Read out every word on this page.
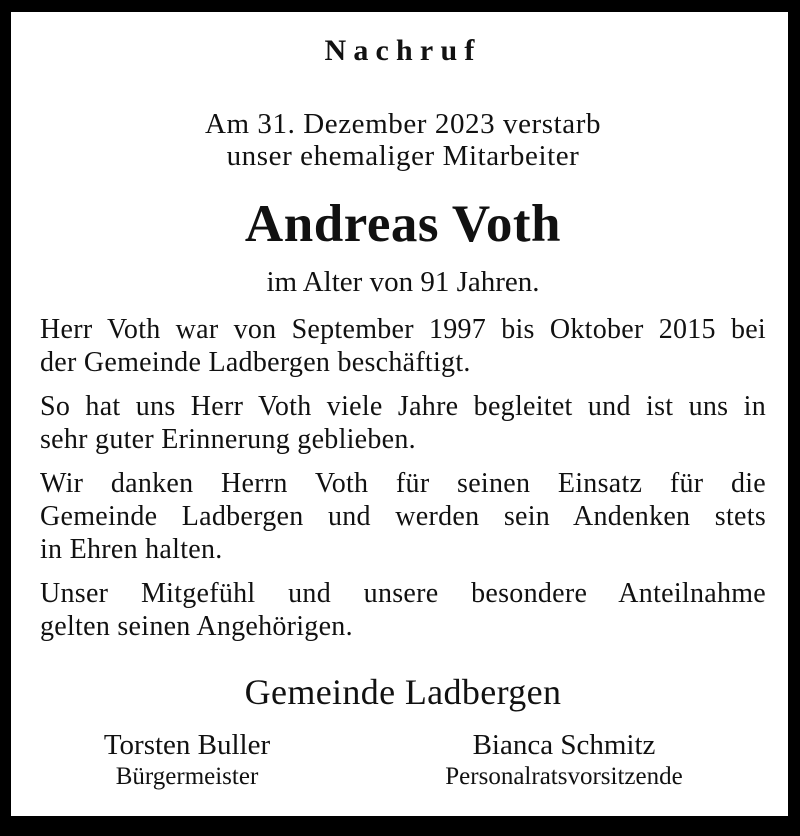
Nachruf
Am 31. Dezember 2023 verstarb
unser ehemaliger Mitarbeiter
Andreas Voth
im Alter von 91 Jahren.
Herr Voth war von September 1997 bis Oktober 2015 bei
der Gemeinde Ladbergen beschäftigt.
So hat uns Herr Voth viele Jahre begleitet und ist uns in
sehr guter Erinnerung geblieben.
Wir danken Herrn Voth für seinen Einsatz für die
Gemeinde Ladbergen und werden sein Andenken stets
in Ehren halten.
Unser Mitgefühl und unsere besondere Anteilnahme
gelten seinen Angehörigen.
Gemeinde Ladbergen
Torsten Buller
Bürgermeister
Bianca Schmitz
Personalratsvorsitzende
